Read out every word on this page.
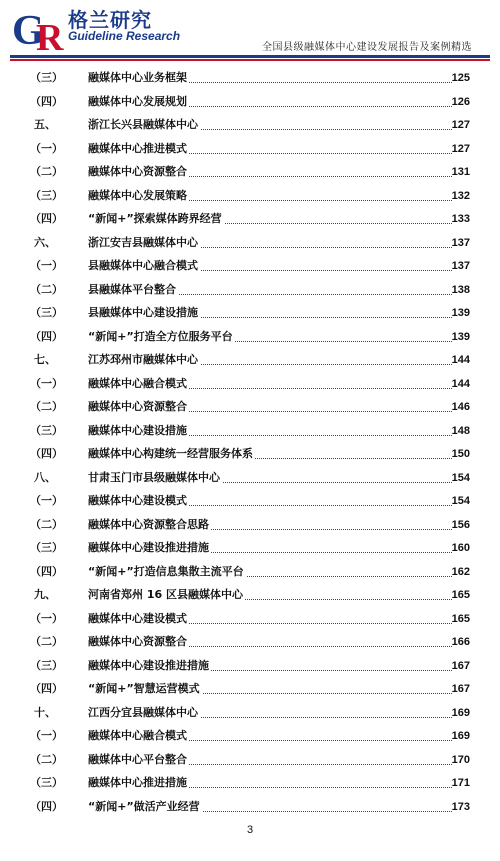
G
R 格兰研究
Guideline Research
全国县级融媒体中心建设发展报告及案例精选
（三） 融媒体中心业务框架	125
（四） 融媒体中心发展规划	126
五、	浙江长兴县融媒体中心	127
（一） 融媒体中心推进模式	127
（二） 融媒体中心资源整合	131
（三） 融媒体中心发展策略	132
（四） “新闻+”探索媒体跨界经营	133
六、	浙江安吉县融媒体中心	137
（一） 县融媒体中心融合模式	137
（二） 县融媒体平台整合	138
（三） 县融媒体中心建设措施	139
（四） “新闻+”打造全方位服务平台	139
七、	江苏邳州市融媒体中心	144
（一） 融媒体中心融合模式	144
（二） 融媒体中心资源整合	146
（三） 融媒体中心建设措施	148
（四） 融媒体中心构建统一经营服务体系	150
八、	甘肃玉门市县级融媒体中心	154
（一） 融媒体中心建设模式	154
（二） 融媒体中心资源整合思路	156
（三） 融媒体中心建设推进措施	160
（四） “新闻+”打造信息集散主流平台	162
九、	河南省郑州 16 区县融媒体中心	165
（一） 融媒体中心建设模式	165
（二） 融媒体中心资源整合	166
（三） 融媒体中心建设推进措施	167
（四） “新闻+”智慧运营模式	167
十、	江西分宜县融媒体中心	169
（一） 融媒体中心融合模式	169
（二） 融媒体中心平台整合	170
（三） 融媒体中心推进措施	171
（四） “新闻+”做活产业经营	173
3
